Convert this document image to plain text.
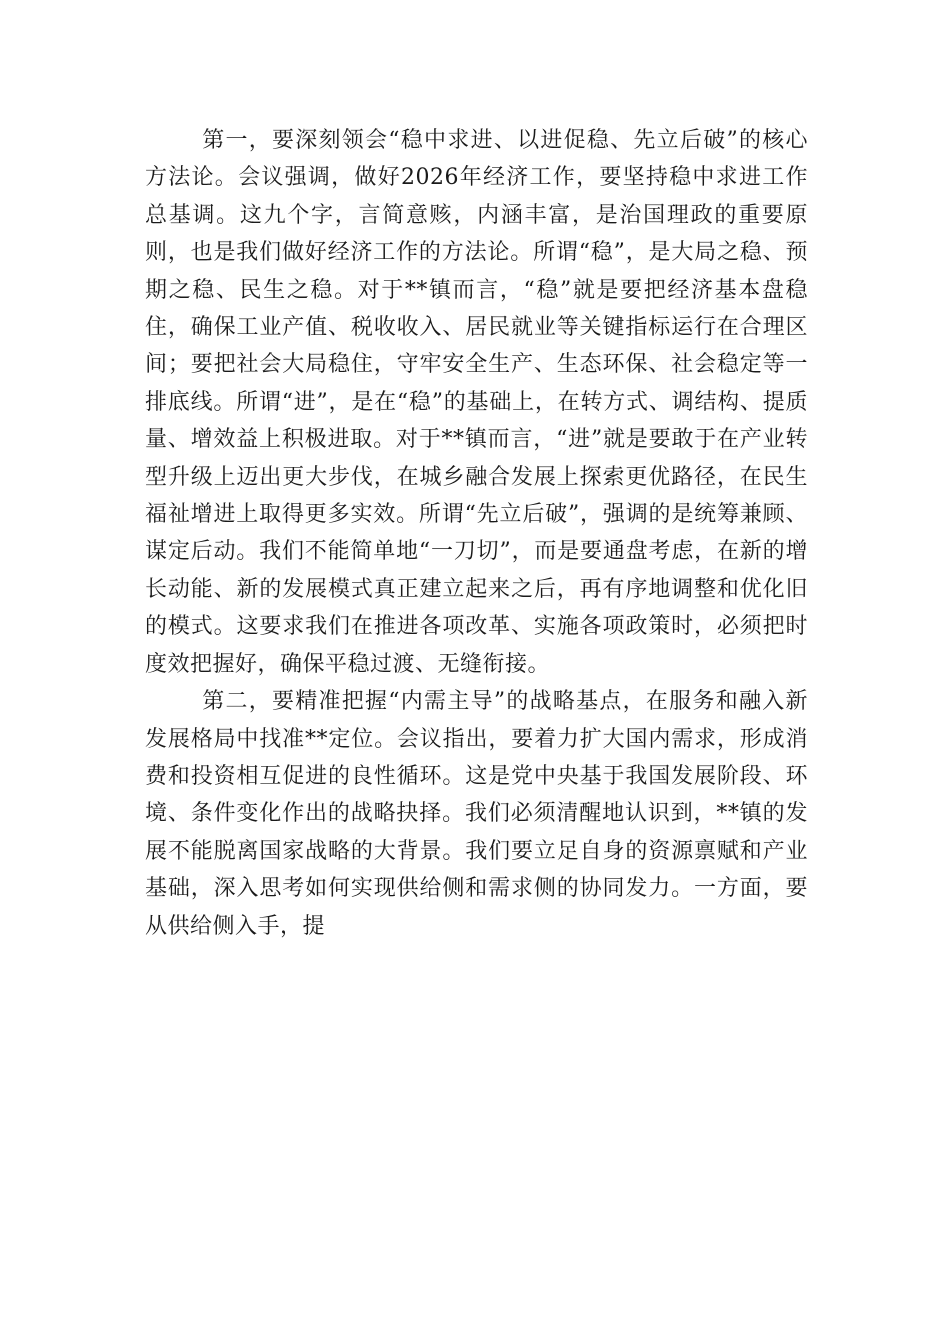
第一，要深刻领会“稳中求进、以进促稳、先立后破”的核心方法论。会议强调，做好2026年经济工作，要坚持稳中求进工作总基调。这九个字，言简意赅，内涵丰富，是治国理政的重要原则，也是我们做好经济工作的方法论。所谓“稳”，是大局之稳、预期之稳、民生之稳。对于**镇而言，“稳”就是要把经济基本盘稳住，确保工业产值、税收收入、居民就业等关键指标运行在合理区间；要把社会大局稳住，守牢安全生产、生态环保、社会稳定等一排底线。所谓“进”，是在“稳”的基础上，在转方式、调结构、提质量、增效益上积极进取。对于**镇而言，“进”就是要敢于在产业转型升级上迈出更大步伐，在城乡融合发展上探索更优路径，在民生福祉增进上取得更多实效。所谓“先立后破”，强调的是统筹兼顾、谋定后动。我们不能简单地“一刀切”，而是要通盘考虑，在新的增长动能、新的发展模式真正建立起来之后，再有序地调整和优化旧的模式。这要求我们在推进各项改革、实施各项政策时，必须把时度效把握好，确保平稳过渡、无缝衔接。

第二，要精准把握“内需主导”的战略基点，在服务和融入新发展格局中找准**定位。会议指出，要着力扩大国内需求，形成消费和投资相互促进的良性循环。这是党中央基于我国发展阶段、环境、条件变化作出的战略抉择。我们必须清醒地认识到，**镇的发展不能脱离国家战略的大背景。我们要立足自身的资源禀赋和产业基础，深入思考如何实现供给侧和需求侧的协同发力。一方面，要从供给侧入手，提
